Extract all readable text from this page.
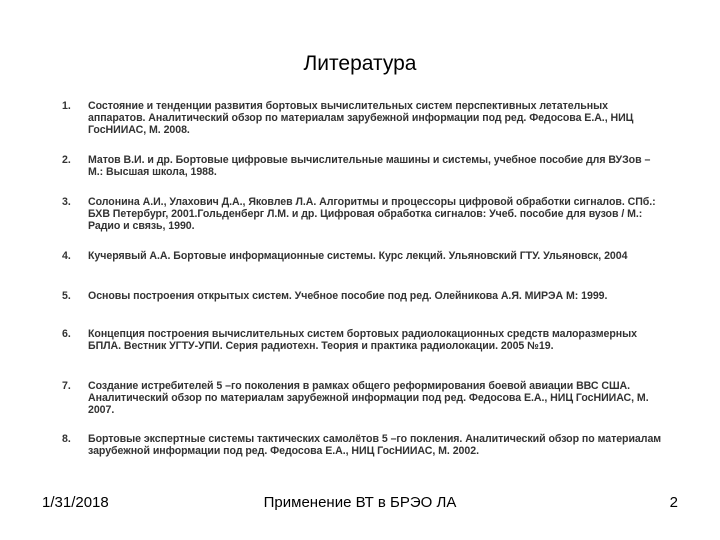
Литература
1.	Состояние и тенденции развития бортовых вычислительных систем перспективных летательных аппаратов. Аналитический обзор по материалам зарубежной информации под ред. Федосова Е.А., НИЦ ГосНИИАС, М. 2008.
2.	Матов В.И. и др. Бортовые цифровые вычислительные машины и системы, учебное пособие для ВУЗов – М.: Высшая школа, 1988.
3.	Солонина А.И., Улахович Д.А., Яковлев Л.А. Алгоритмы и процессоры цифровой обработки сигналов. СПб.: БХВ Петербург, 2001.Гольденберг Л.М. и др. Цифровая обработка сигналов: Учеб. пособие для вузов / М.: Радио и связь, 1990.
4.	Кучерявый А.А. Бортовые информационные системы. Курс лекций. Ульяновский ГТУ. Ульяновск, 2004
5.	Основы построения открытых систем. Учебное пособие под ред. Олейникова А.Я. МИРЭА М: 1999.
6.	Концепция построения вычислительных систем бортовых радиолокационных средств малоразмерных БПЛА. Вестник УГТУ-УПИ. Серия радиотехн. Теория и практика радиолокации. 2005 №19.
7.	Создание истребителей 5 –го поколения в рамках общего реформирования боевой авиации ВВС США. Аналитический обзор по материалам зарубежной информации под ред. Федосова Е.А., НИЦ ГосНИИАС, М. 2007.
8.	Бортовые экспертные системы тактических самолётов 5 –го покления. Аналитический обзор по материалам зарубежной информации под ред. Федосова Е.А., НИЦ ГосНИИАС, М. 2002.
1/31/2018	Применение ВТ в БРЭО ЛА	2
